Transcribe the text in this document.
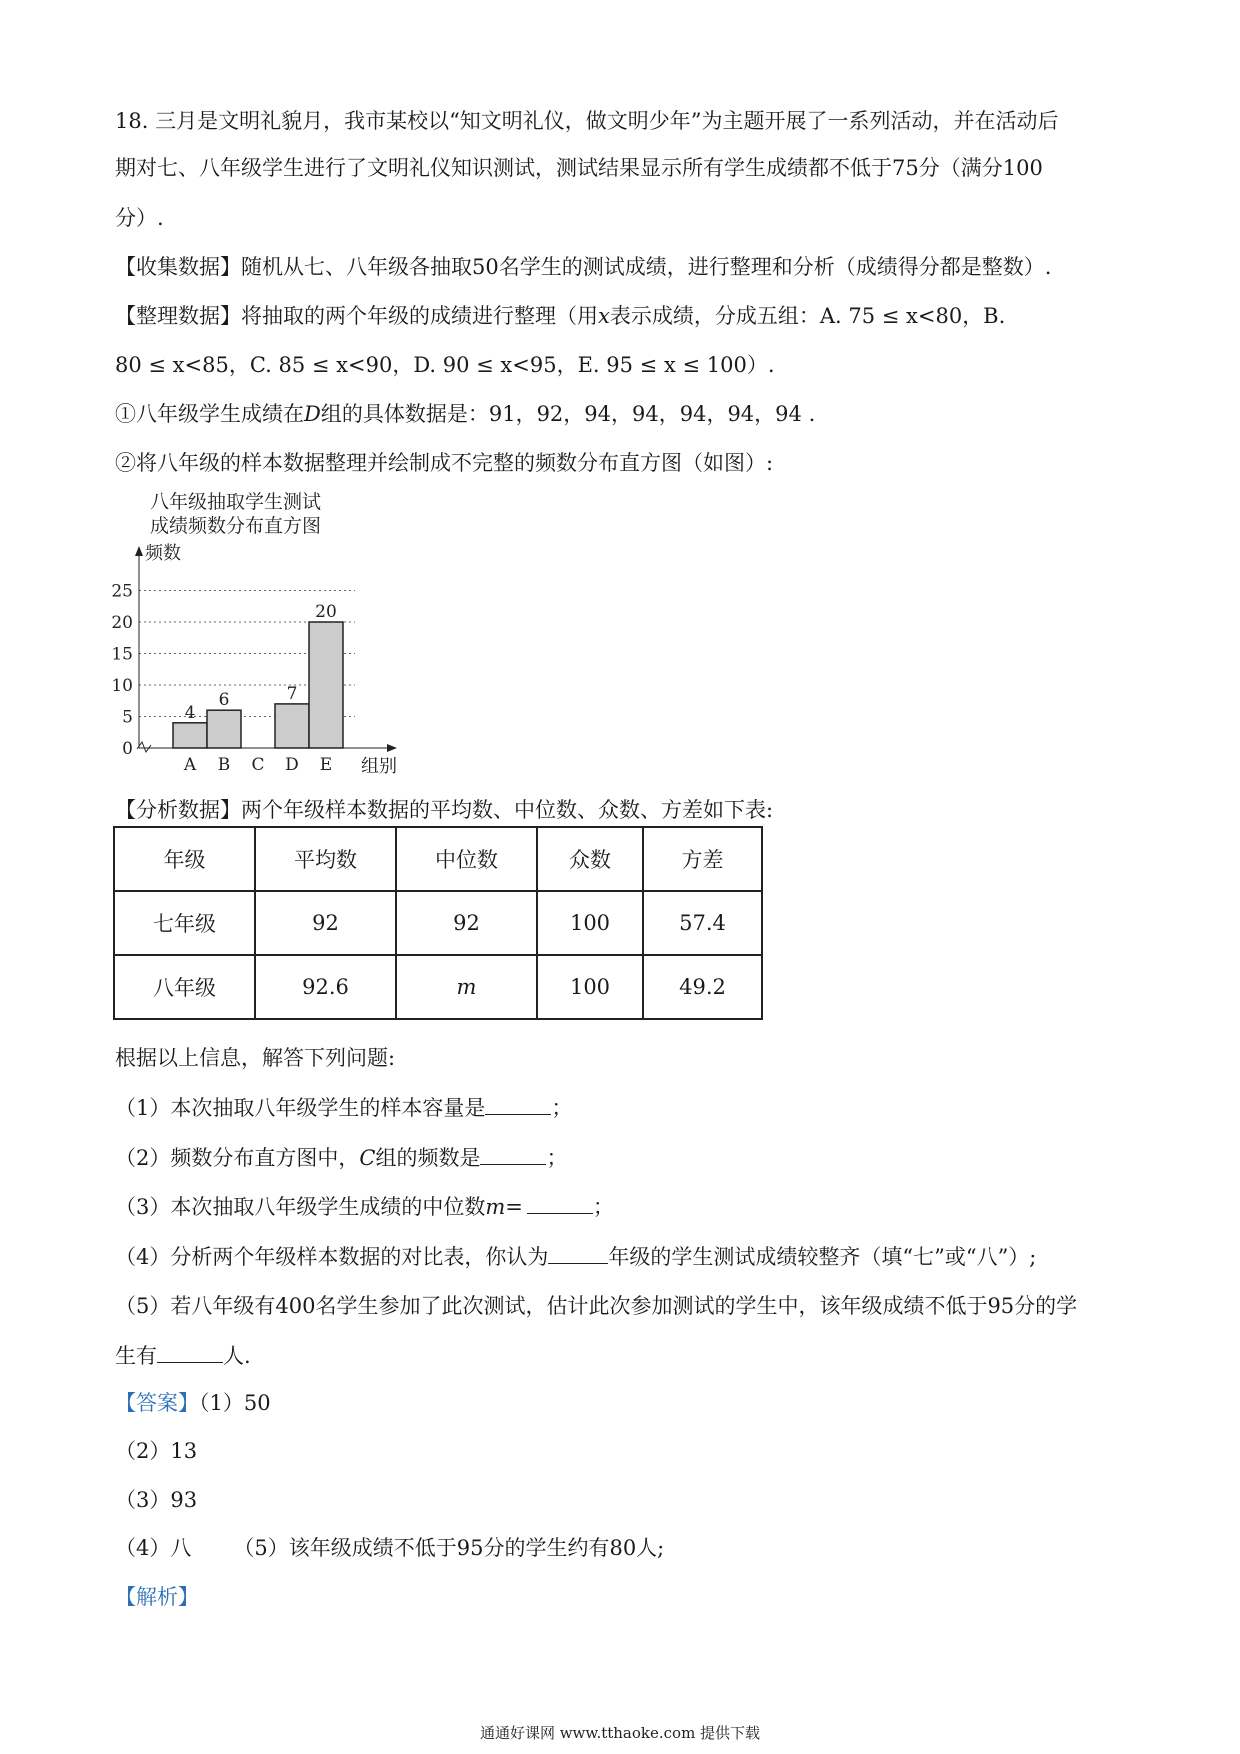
18. 三月是文明礼貌月，我市某校以“知文明礼仪，做文明少年”为主题开展了一系列活动，并在活动后
期对七、八年级学生进行了文明礼仪知识测试，测试结果显示所有学生成绩都不低于75分（满分100
分）.
【收集数据】随机从七、八年级各抽取50名学生的测试成绩，进行整理和分析（成绩得分都是整数）.
【整理数据】将抽取的两个年级的成绩进行整理（用x表示成绩，分成五组：A. 75 ≤ x<80，B.
80 ≤ x<85，C. 85 ≤ x<90，D. 90 ≤ x<95，E. 95 ≤ x ≤ 100）.
①八年级学生成绩在D组的具体数据是：91，92，94，94，94，94，94 .
②将八年级的样本数据整理并绘制成不完整的频数分布直方图（如图）:
八年级抽取学生测试
成绩频数分布直方图
频数
0
5
10
15
20
25
组别
4
A
6
B C
7
D
20
E
年级	平均数	中位数	众数	方差
七年级	92	92	100	57.4
八年级	92.6	m	100	49.2
【分析数据】两个年级样本数据的平均数、中位数、众数、方差如下表:
根据以上信息，解答下列问题:
（1）本次抽取八年级学生的样本容量是	；
（2）频数分布直方图中，C组的频数是	；
（3）本次抽取八年级学生成绩的中位数m=	；
（4）分析两个年级样本数据的对比表，你认为	年级的学生测试成绩较整齐（填“七”或“八”）;
（5）若八年级有400名学生参加了此次测试，估计此次参加测试的学生中，该年级成绩不低于95分的学
生有	人.
【答案】（1）50
（2）13
（3）93
（4）八 （5）该年级成绩不低于95分的学生约有80人;
【解析】
通通好课网 www.tthaoke.com 提供下载
